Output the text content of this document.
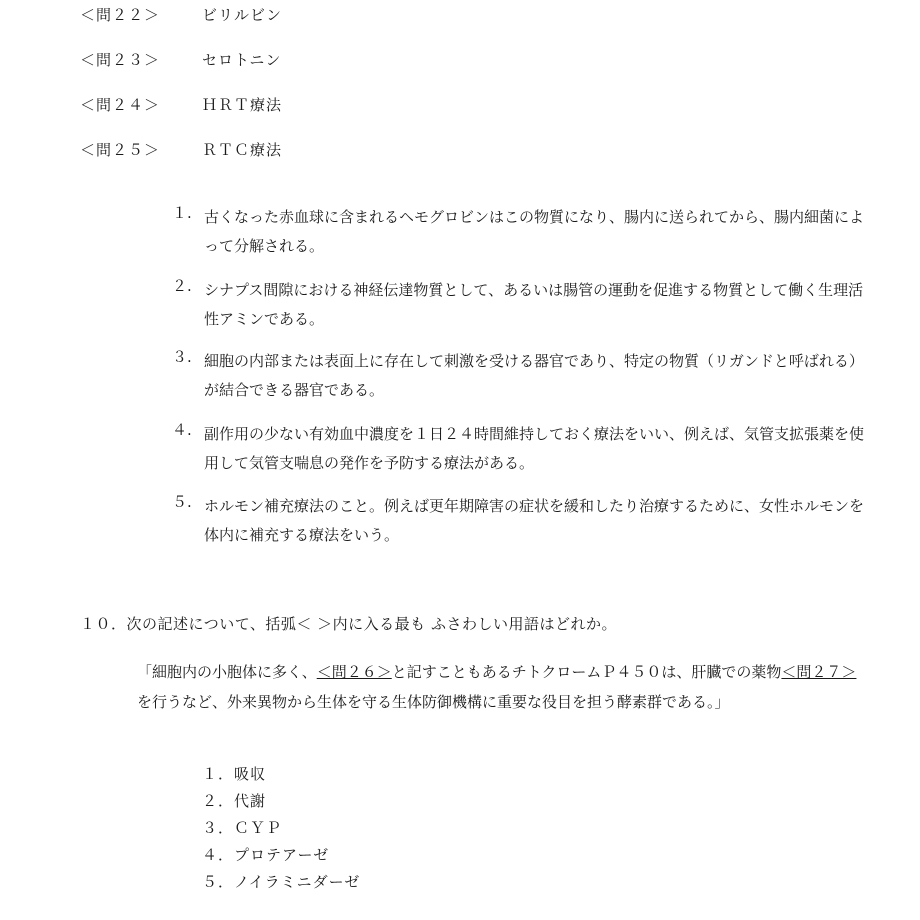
＜問２２＞	ビリルビン
＜問２３＞	セロトニン
＜問２４＞	ＨＲＴ療法
＜問２５＞	ＲＴＣ療法
１. 古くなった赤血球に含まれるヘモグロビンはこの物質になり、腸内に送られてから、腸内細菌によって分解される。
２. シナプス間隙における神経伝達物質として、あるいは腸管の運動を促進する物質として働く生理活性アミンである。
３. 細胞の内部または表面上に存在して刺激を受ける器官であり、特定の物質（リガンドと呼ばれる）が結合できる器官である。
４. 副作用の少ない有効血中濃度を１日２４時間維持しておく療法をいい、例えば、気管支拡張薬を使用して気管支喘息の発作を予防する療法がある。
５. ホルモン補充療法のこと。例えば更年期障害の症状を緩和したり治療するために、女性ホルモンを体内に補充する療法をいう。
１０．次の記述について、括弧＜ ＞内に入る最も ふさわしい用語はどれか。
「細胞内の小胞体に多く、＜問２６＞と記すこともあるチトクロームＰ４５０は、肝臓での薬物＜問２７＞を行うなど、外来異物から生体を守る生体防御機構に重要な役目を担う酵素群である。」
１．吸収
２．代謝
３．ＣＹＰ
４．プロテアーゼ
５．ノイラミニダーゼ
